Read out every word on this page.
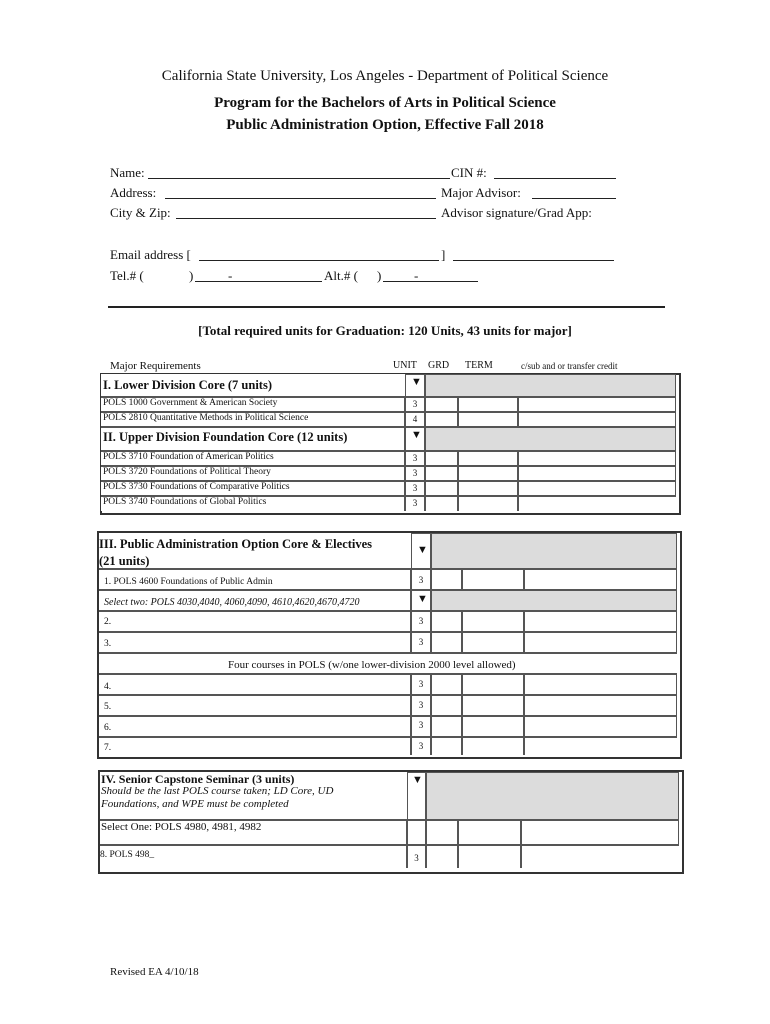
California State University, Los Angeles - Department of Political Science
Program for the Bachelors of Arts in Political Science
Public Administration Option, Effective Fall 2018
Name:	CIN #:
Address:	Major Advisor:
City & Zip:	Advisor signature/Grad App:
Email address [	]
Tel.# (	)	-	Alt.# ( )	-
[Total required units for Graduation: 120 Units, 43 units for major]
Major Requirements	UNIT GRD TERM	c/sub and or transfer credit
I. Lower Division Core (7 units)	▼
POLS 1000 Government & American Society	3
POLS 2810 Quantitative Methods in Political Science	4
II. Upper Division Foundation Core (12 units)	▼
POLS 3710 Foundation of American Politics	3
POLS 3720 Foundations of Political Theory	3
POLS 3730 Foundations of Comparative Politics	3
POLS 3740 Foundations of Global Politics	3
III. Public Administration Option Core & Electives
(21 units)
▼
1. POLS 4600 Foundations of Public Admin	3
Select two: POLS 4030,4040, 4060,4090, 4610,4620,4670,4720	▼
2.	3
3.	3
Four courses in POLS (w/one lower-division 2000 level allowed)
4.	3
5.	3
6.	3
7.	3
IV. Senior Capstone Seminar (3 units)
Should be the last POLS course taken; LD Core, UD
Foundations, and WPE must be completed
▼
Select One: POLS 4980, 4981, 4982
8. POLS 498_	3
Revised EA 4/10/18
